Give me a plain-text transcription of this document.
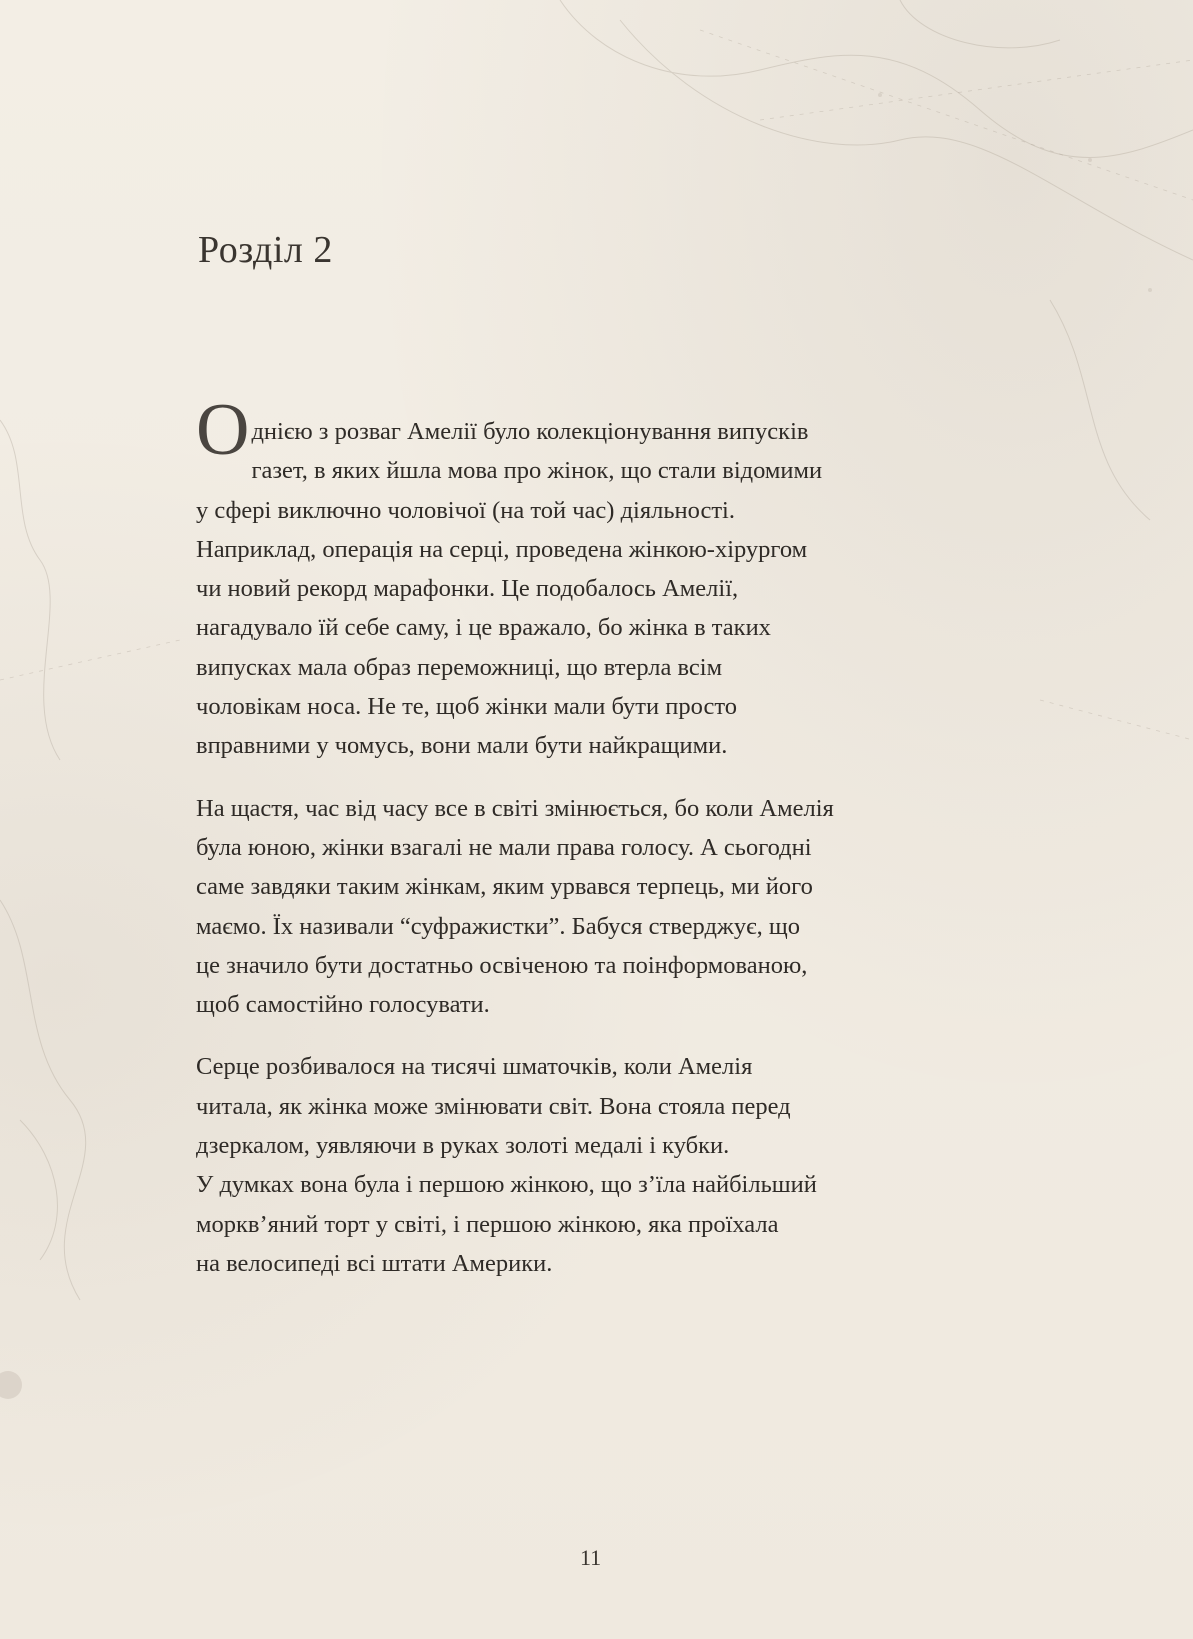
Розділ 2
О днією з розваг Амелії було колекціонування випусків

газет, в яких йшла мова про жінок, що стали відомими

у сфері виключно чоловічої (на той час) діяльності.

Наприклад, операція на серці, проведена жінкою-хірургом

чи новий рекорд марафонки. Це подобалось Амелії,

нагадувало їй себе саму, і це вражало, бо жінка в таких

випусках мала образ переможниці, що втерла всім

чоловікам носа. Не те, щоб жінки мали бути просто

вправними у чомусь, вони мали бути найкращими.

На щастя, час від часу все в світі змінюється, бо коли Амелія

була юною, жінки взагалі не мали права голосу. А сьогодні

саме завдяки таким жінкам, яким урвався терпець, ми його

маємо. Їх називали “суфражистки”. Бабуся стверджує, що

це значило бути достатньо освіченою та поінформованою,

щоб самостійно голосувати.

Серце розбивалося на тисячі шматочків, коли Амелія

читала, як жінка може змінювати світ. Вона стояла перед

дзеркалом, уявляючи в руках золоті медалі і кубки.

У думках вона була і першою жінкою, що з’їла найбільший

морквʼяний торт у світі, і першою жінкою, яка проїхала

на велосипеді всі штати Америки.

11
